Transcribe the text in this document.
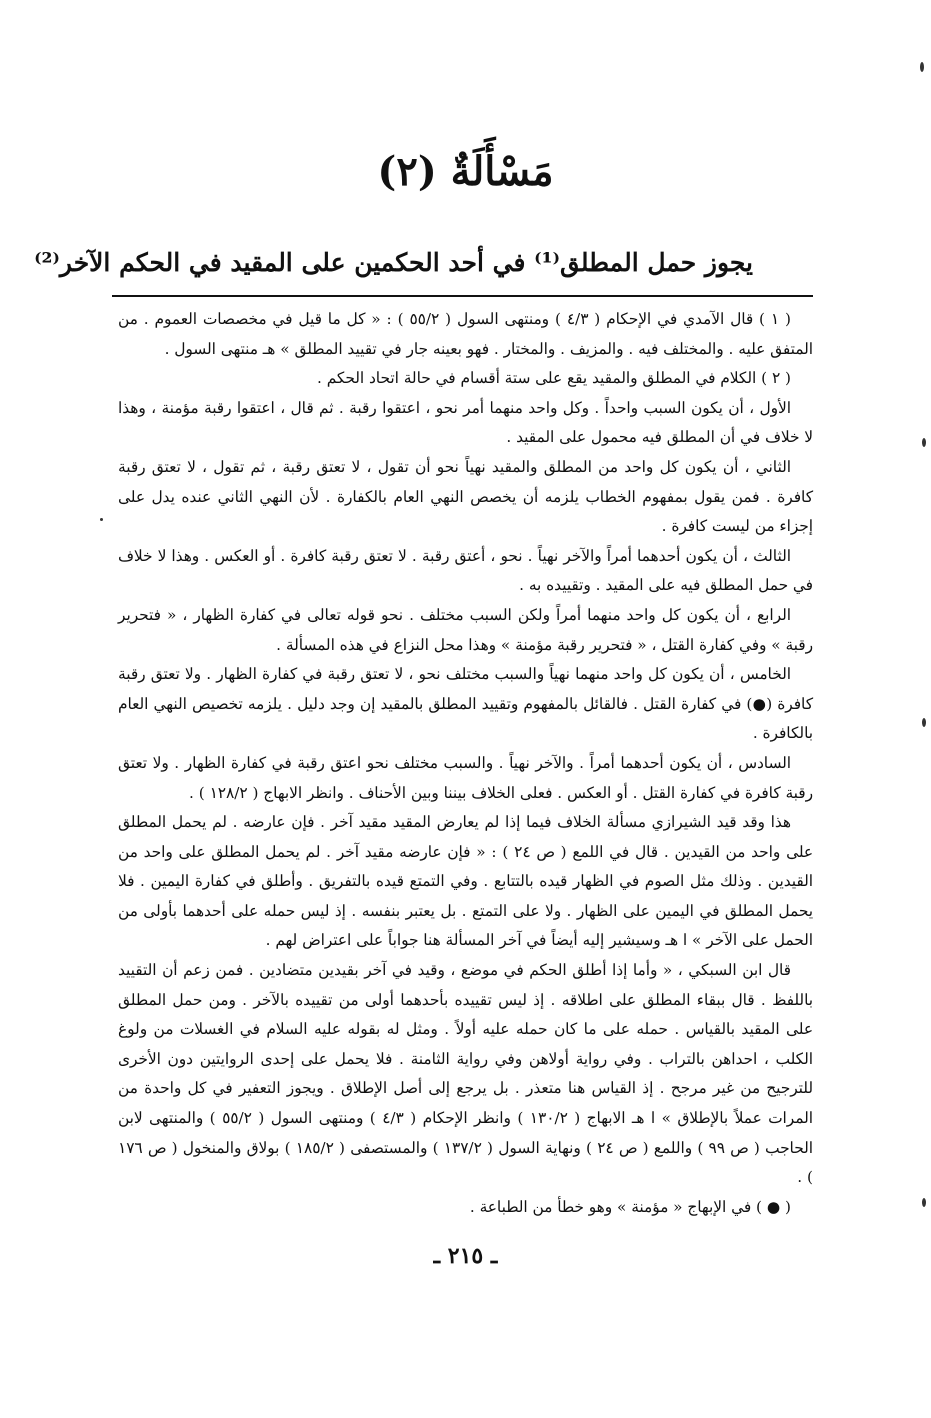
مَسْأَلَةٌ (٢)
يجوز حمل المطلق⁽¹⁾ في أحد الحكمين على المقيد في الحكم الآخر⁽²⁾

( ١ ) قال الآمدي في الإحكام ( ٤/٣ ) ومنتهى السول ( ٥٥/٢ ) : « كل ما قيل في مخصصات العموم . من المتفق عليه . والمختلف فيه . والمزيف . والمختار . فهو بعينه جار في تقييد المطلق » هـ منتهى السول .

( ٢ ) الكلام في المطلق والمقيد يقع على ستة أقسام في حالة اتحاد الحكم .

الأول ، أن يكون السبب واحداً . وكل واحد منهما أمر نحو ، اعتقوا رقبة . ثم قال ، اعتقوا رقبة مؤمنة ، وهذا لا خلاف في أن المطلق فيه محمول على المقيد .

الثاني ، أن يكون كل واحد من المطلق والمقيد نهياً نحو أن تقول ، لا تعتق رقبة ، ثم تقول ، لا تعتق رقبة كافرة . فمن يقول بمفهوم الخطاب يلزمه أن يخصص النهي العام بالكفارة . لأن النهي الثاني عنده يدل على إجزاء من ليست كافرة .

الثالث ، أن يكون أحدهما أمراً والآخر نهياً . نحو ، أعتق رقبة . لا تعتق رقبة كافرة . أو العكس . وهذا لا خلاف في حمل المطلق فيه على المقيد . وتقييده به .

الرابع ، أن يكون كل واحد منهما أمراً ولكن السبب مختلف . نحو قوله تعالى في كفارة الظهار ، « فتحرير رقبة » وفي كفارة القتل ، « فتحرير رقبة مؤمنة » وهذا محل النزاع في هذه المسألة .

الخامس ، أن يكون كل واحد منهما نهياً والسبب مختلف نحو ، لا تعتق رقبة في كفارة الظهار . ولا تعتق رقبة كافرة (●) في كفارة القتل . فالقائل بالمفهوم وتقييد المطلق بالمقيد إن وجد دليل . يلزمه تخصيص النهي العام بالكافرة .

السادس ، أن يكون أحدهما أمراً . والآخر نهياً . والسبب مختلف نحو اعتق رقبة في كفارة الظهار . ولا تعتق رقبة كافرة في كفارة القتل . أو العكس . فعلى الخلاف بيننا وبين الأحناف . وانظر الابهاج ( ١٢٨/٢ ) .

هذا وقد قيد الشيرازي مسألة الخلاف فيما إذا لم يعارض المقيد مقيد آخر . فإن عارضه . لم يحمل المطلق على واحد من القيدين . قال في اللمع ( ص ٢٤ ) : « فإن عارضه مقيد آخر . لم يحمل المطلق على واحد من القيدين . وذلك مثل الصوم في الظهار قيده بالتتابع . وفي التمتع قيده بالتفريق . وأطلق في كفارة اليمين . فلا يحمل المطلق في اليمين على الظهار . ولا على التمتع . بل يعتبر بنفسه . إذ ليس حمله على أحدهما بأولى من الحمل على الآخر » ا هـ وسيشير إليه أيضاً في آخر المسألة هنا جواباً على اعتراض لهم .

قال ابن السبكي ، « وأما إذا أطلق الحكم في موضع ، وقيد في آخر بقيدين متضادين . فمن زعم أن التقييد باللفظ . قال ببقاء المطلق على اطلاقه . إذ ليس تقييده بأحدهما أولى من تقييده بالآخر . ومن حمل المطلق على المقيد بالقياس . حمله على ما كان حمله عليه أولاً . ومثل له بقوله عليه السلام في الغسلات من ولوغ الكلب ، احداهن بالتراب . وفي رواية أولاهن وفي رواية الثامنة . فلا يحمل على إحدى الروايتين دون الأخرى للترجيح من غير مرجح . إذ القياس هنا متعذر . بل يرجع إلى أصل الإطلاق . ويجوز التعفير في كل واحدة من المرات عملاً بالإطلاق » ا هـ الابهاج ( ١٣٠/٢ ) وانظر الإحكام ( ٤/٣ ) ومنتهى السول ( ٥٥/٢ ) والمنتهى لابن الحاجب ( ص ٩٩ ) واللمع ( ص ٢٤ ) ونهاية السول ( ١٣٧/٢ ) والمستصفى ( ١٨٥/٢ ) بولاق والمنخول ( ص ١٧٦ ) .

( ● ) في الإبهاج « مؤمنة » وهو خطأ من الطباعة .

ـ ٢١٥ ـ
